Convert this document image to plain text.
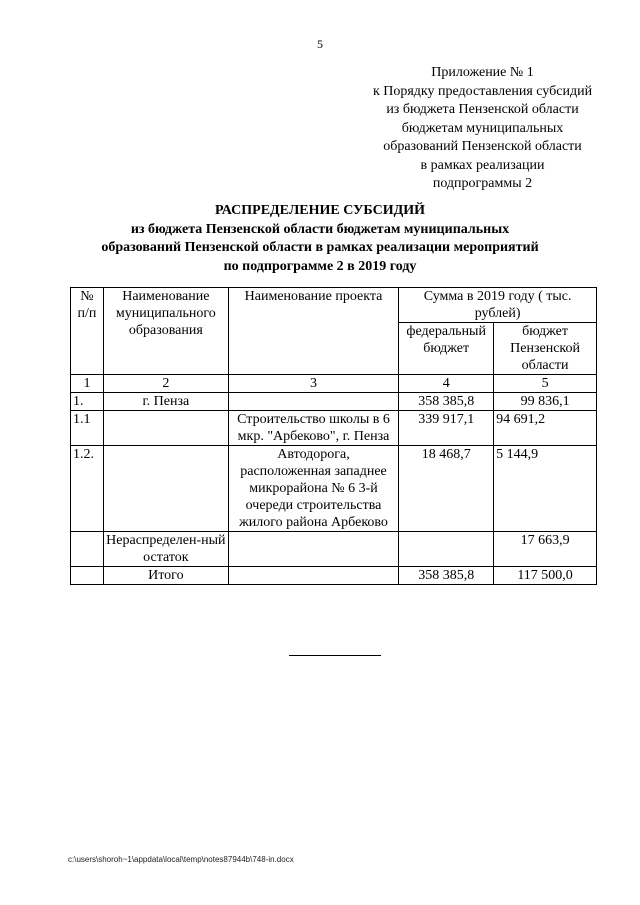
5
Приложение № 1
к Порядку предоставления субсидий
из бюджета Пензенской области
бюджетам муниципальных
образований Пензенской области
в рамках реализации
подпрограммы 2
РАСПРЕДЕЛЕНИЕ СУБСИДИЙ
из бюджета Пензенской области бюджетам муниципальных
образований Пензенской области в рамках реализации мероприятий
по подпрограмме 2 в 2019 году
№ п/п	Наименование муниципального образования	Наименование проекта	Сумма в 2019 году ( тыс. рублей)	
			федеральный бюджет	бюджет Пензенской области
1	2	3	4	5
1.	г. Пенза		358 385,8	99 836,1
1.1		Строительство школы в 6 мкр. "Арбеково", г. Пенза	339 917,1	94 691,2
1.2.		Автодорога, расположенная западнее микрорайона № 6 3-й очереди строительства жилого района Арбеково	18 468,7	5 144,9
	Нераспределен-ный остаток			17 663,9
	Итого		358 385,8	117 500,0
c:\users\shoroh~1\appdata\local\temp\notes87944b\748-in.docx
